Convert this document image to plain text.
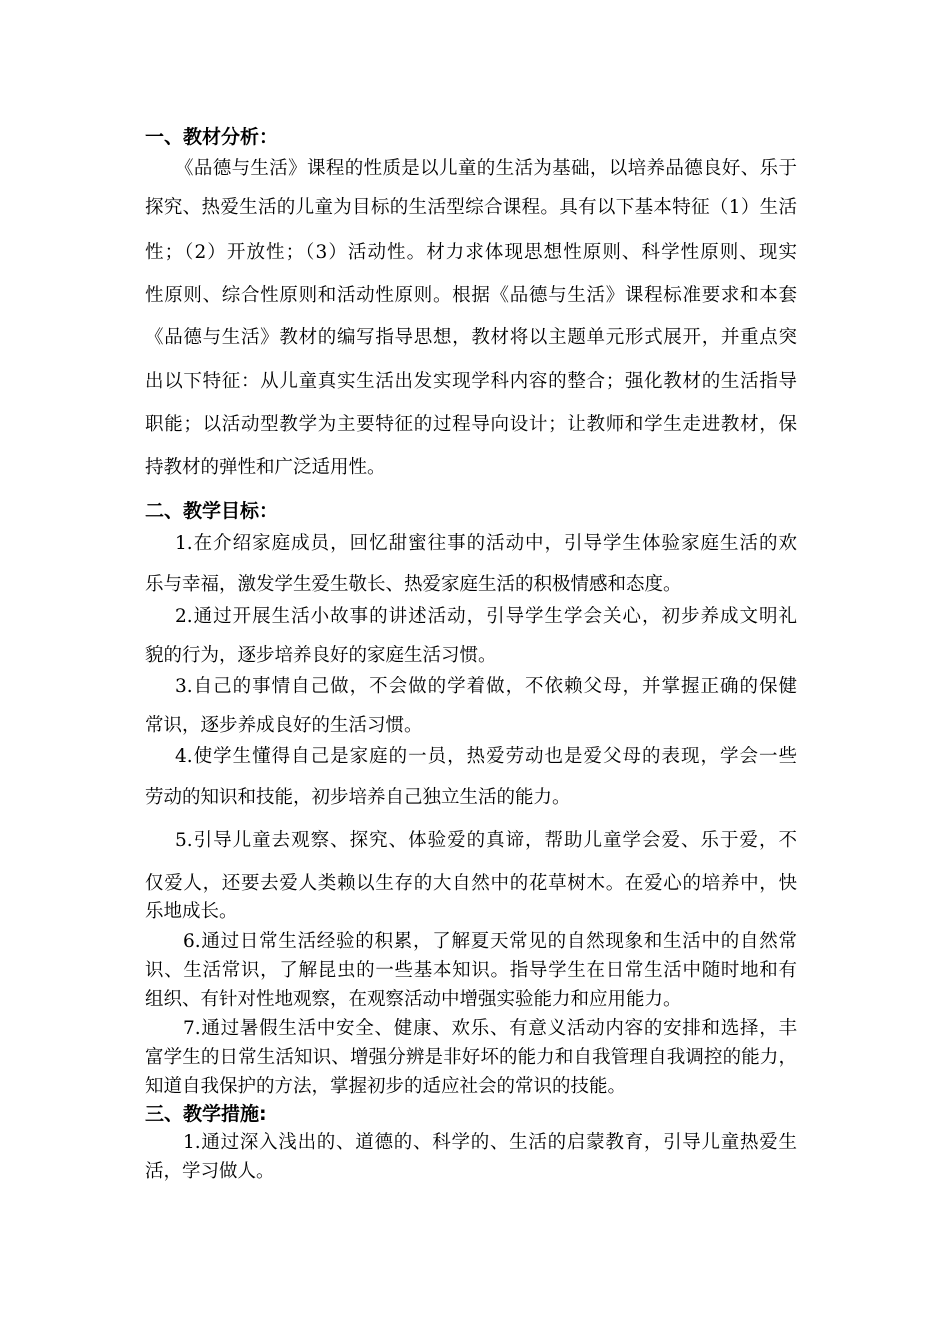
一、教材分析：
《品德与生活》课程的性质是以儿童的生活为基础，以培养品德良好、乐于
探究、热爱生活的儿童为目标的生活型综合课程。具有以下基本特征（1）生活
性；（2）开放性；（3）活动性。材力求体现思想性原则、科学性原则、现实
性原则、综合性原则和活动性原则。根据《品德与生活》课程标准要求和本套
《品德与生活》教材的编写指导思想，教材将以主题单元形式展开，并重点突
出以下特征：从儿童真实生活出发实现学科内容的整合；强化教材的生活指导
职能；以活动型教学为主要特征的过程导向设计；让教师和学生走进教材，保
持教材的弹性和广泛适用性。
二、教学目标：
1.在介绍家庭成员，回忆甜蜜往事的活动中，引导学生体验家庭生活的欢
乐与幸福，激发学生爱生敬长、热爱家庭生活的积极情感和态度。
2.通过开展生活小故事的讲述活动，引导学生学会关心，初步养成文明礼
貌的行为，逐步培养良好的家庭生活习惯。
3.自己的事情自己做，不会做的学着做，不依赖父母，并掌握正确的保健
常识，逐步养成良好的生活习惯。
4.使学生懂得自己是家庭的一员，热爱劳动也是爱父母的表现，学会一些
劳动的知识和技能，初步培养自己独立生活的能力。
5.引导儿童去观察、探究、体验爱的真谛，帮助儿童学会爱、乐于爱，不
仅爱人，还要去爱人类赖以生存的大自然中的花草树木。在爱心的培养中，快
乐地成长。
6.通过日常生活经验的积累，了解夏天常见的自然现象和生活中的自然常
识、生活常识，了解昆虫的一些基本知识。指导学生在日常生活中随时地和有
组织、有针对性地观察，在观察活动中增强实验能力和应用能力。
7.通过暑假生活中安全、健康、欢乐、有意义活动内容的安排和选择，丰
富学生的日常生活知识、增强分辨是非好坏的能力和自我管理自我调控的能力，
知道自我保护的方法，掌握初步的适应社会的常识的技能。
三、教学措施:
1.通过深入浅出的、道德的、科学的、生活的启蒙教育，引导儿童热爱生
活，学习做人。
